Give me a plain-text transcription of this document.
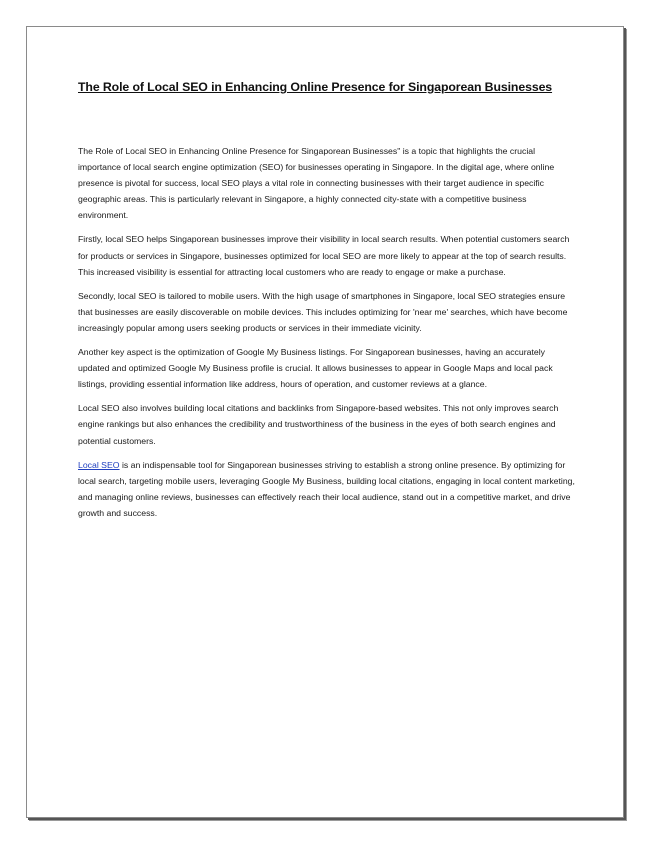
The Role of Local SEO in Enhancing Online Presence for Singaporean Businesses

The Role of Local SEO in Enhancing Online Presence for Singaporean Businesses" is a topic that highlights the crucial importance of local search engine optimization (SEO) for businesses operating in Singapore. In the digital age, where online presence is pivotal for success, local SEO plays a vital role in connecting businesses with their target audience in specific geographic areas. This is particularly relevant in Singapore, a highly connected city-state with a competitive business environment.

Firstly, local SEO helps Singaporean businesses improve their visibility in local search results. When potential customers search for products or services in Singapore, businesses optimized for local SEO are more likely to appear at the top of search results. This increased visibility is essential for attracting local customers who are ready to engage or make a purchase.

Secondly, local SEO is tailored to mobile users. With the high usage of smartphones in Singapore, local SEO strategies ensure that businesses are easily discoverable on mobile devices. This includes optimizing for 'near me' searches, which have become increasingly popular among users seeking products or services in their immediate vicinity.

Another key aspect is the optimization of Google My Business listings. For Singaporean businesses, having an accurately updated and optimized Google My Business profile is crucial. It allows businesses to appear in Google Maps and local pack listings, providing essential information like address, hours of operation, and customer reviews at a glance.

Local SEO also involves building local citations and backlinks from Singapore-based websites. This not only improves search engine rankings but also enhances the credibility and trustworthiness of the business in the eyes of both search engines and potential customers.

Local SEO is an indispensable tool for Singaporean businesses striving to establish a strong online presence. By optimizing for local search, targeting mobile users, leveraging Google My Business, building local citations, engaging in local content marketing, and managing online reviews, businesses can effectively reach their local audience, stand out in a competitive market, and drive growth and success.
